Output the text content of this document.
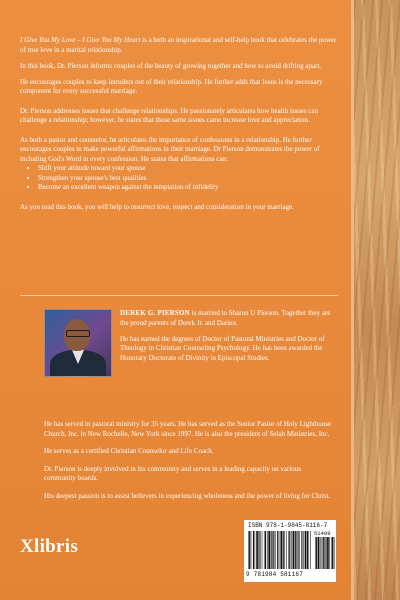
I Give You My Love – I Give You My Heart is a both an inspirational and self-help book that celebrates the power of true love in a marital relationship.

In this book, Dr. Pierson informs couples of the beauty of growing together and how to avoid drifting apart.

He encourages couples to keep intruders out of their relationship. He further adds that Jesus is the necessary component for every successful marriage.

Dr. Pierson addresses issues that challenge relationships. He passionately articulates how health issues can challenge a relationship; however, he states that those same issues came increase love and appreciation.

As both a pastor and counselor, he articulates the importance of confessions in a relationship. He further encourages couples to make powerful affirmations in their marriage. Dr Pierson demonstrates the power of including God's Word in every confession. He states that affirmations can:

• Shift your attitude toward your spouse
• Strengthen your spouse's best qualities
• Become an excellent weapon against the temptation of infidelity

As you read this book, you will help to resurrect love, respect and consideration in your marriage.

DEREK G. PIERSON is married to Sharon U Pierson. Together they are the proud parents of Derek Jr. and Darien.

He has earned the degrees of Doctor of Pastoral Ministries and Doctor of Theology in Christian Counseling Psychology. He has been awarded the Honorary Doctorate of Divinity in Episcopal Studies.

He has served in pastoral ministry for 35 years. He has served as the Senior Pastor of Holy Lighthouse Church, Inc. in New Rochelle, New York since 1997. He is also the president of Selah Ministries, Inc.

He serves as a certified Christian Counselor and Life Coach.

Dr. Pierson is deeply involved in his community and serves in a leading capacity on various community boards.

His deepest passion is to assist believers in experiencing wholeness and the power of living for Christ.

Xlibris
ISBN 978-1-9845-8116-7
51499
9 781984 581167
